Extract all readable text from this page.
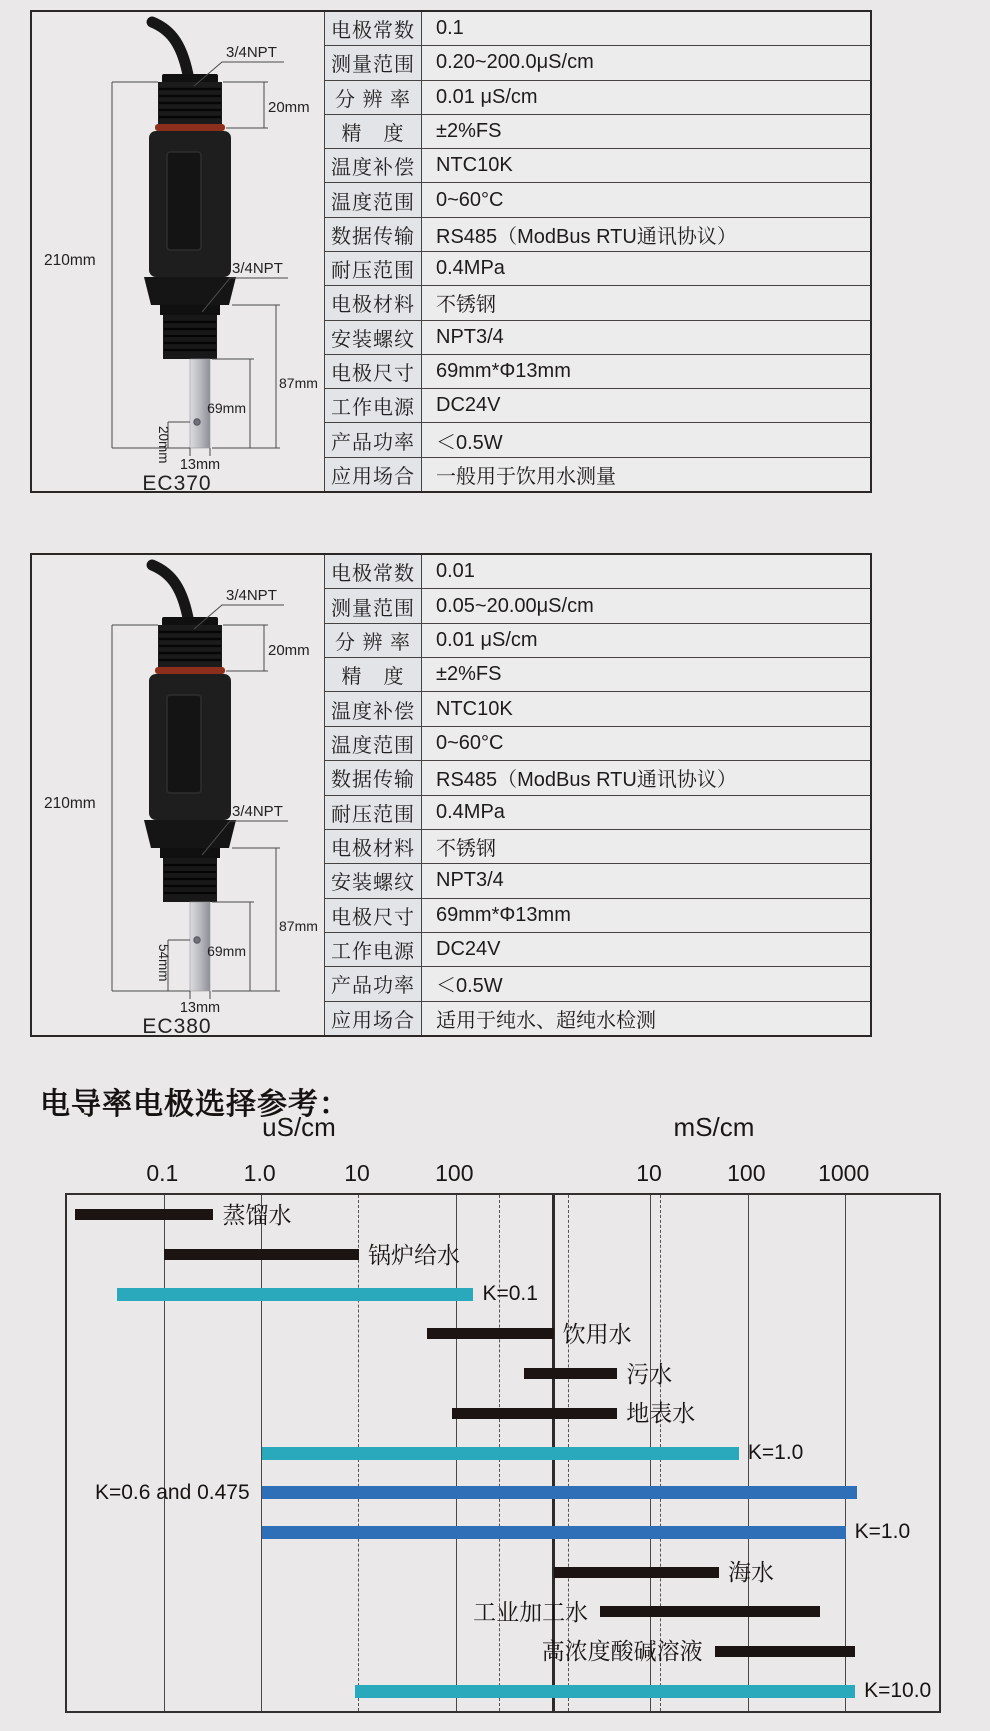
3/4NPT
20mm
210mm	3/4NPT
87mm
69mm
20mm
13mm
EC370
电极常数	0.1
测量范围	0.20~200.0μS/cm
分 辨 率	0.01 μS/cm
精　度	±2%FS
温度补偿	NTC10K
温度范围	0~60°C
数据传输	RS485（ModBus RTU通讯协议）
耐压范围	0.4MPa
电极材料	不锈钢
安装螺纹	NPT3/4
电极尺寸	69mm*Φ13mm
工作电源	DC24V
产品功率	＜0.5W
应用场合	一般用于饮用水测量
3/4NPT
20mm
210mm	3/4NPT
87mm
69mm
54mm
13mm
EC380
电极常数	0.01
测量范围	0.05~20.00μS/cm
分 辨 率	0.01 μS/cm
精　度	±2%FS
温度补偿	NTC10K
温度范围	0~60°C
数据传输	RS485（ModBus RTU通讯协议）
耐压范围	0.4MPa
电极材料	不锈钢
安装螺纹	NPT3/4
电极尺寸	69mm*Φ13mm
工作电源	DC24V
产品功率	＜0.5W
应用场合	适用于纯水、超纯水检测
电导率电极选择参考：
uS/cm	mS/cm
0.1	1.0	10	100	10	100 1000
蒸馏水
锅炉给水
K=0.1
饮用水
污水
地表水
K=1.0
K=0.6 and 0.475
K=1.0
海水
工业加工水
高浓度酸碱溶液
K=10.0
